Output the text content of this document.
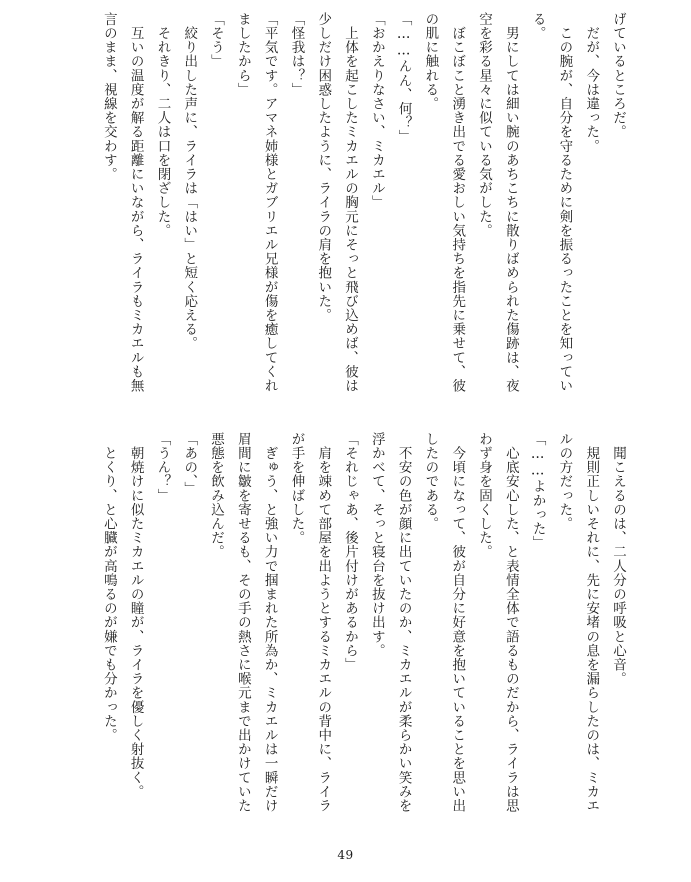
げているところだ。
　だが、今は違った。
　この腕が、自分を守るために剣を振るったことを知ってい
る。
　男にしては細い腕のあちこちに散りばめられた傷跡は、夜
空を彩る星々に似ている気がした。
　ぼこぼこと湧き出でる愛おしい気持ちを指先に乗せて、彼
の肌に触れる。
「……んん、何？」
「おかえりなさい、ミカエル」
　上体を起こしたミカエルの胸元にそっと飛び込めば、彼は
少しだけ困惑したように、ライラの肩を抱いた。
「怪我は？」
「平気です。アマネ姉様とガブリエル兄様が傷を癒してくれ
ましたから」
「そう」
　絞り出した声に、ライラは「はい」と短く応える。
　それきり、二人は口を閉ざした。
　互いの温度が解る距離にいながら、ライラもミカエルも無
言のまま、視線を交わす。
　聞こえるのは、二人分の呼吸と心音。
　規則正しいそれに、先に安堵の息を漏らしたのは、ミカエ
ルの方だった。
「……よかった」
　心底安心した、と表情全体で語るものだから、ライラは思
わず身を固くした。
　今頃になって、彼が自分に好意を抱いていることを思い出
したのである。
　不安の色が顔に出ていたのか、ミカエルが柔らかい笑みを
浮かべて、そっと寝台を抜け出す。
「それじゃあ、後片付けがあるから」
　肩を竦めて部屋を出ようとするミカエルの背中に、ライラ
が手を伸ばした。
　ぎゅう、と強い力で掴まれた所為か、ミカエルは一瞬だけ
眉間に皺を寄せるも、その手の熱さに喉元まで出かけていた
悪態を飲み込んだ。
「あの、」
「うん？」
　朝焼けに似たミカエルの瞳が、ライラを優しく射抜く。
　とくり、と心臓が高鳴るのが嫌でも分かった。
49
